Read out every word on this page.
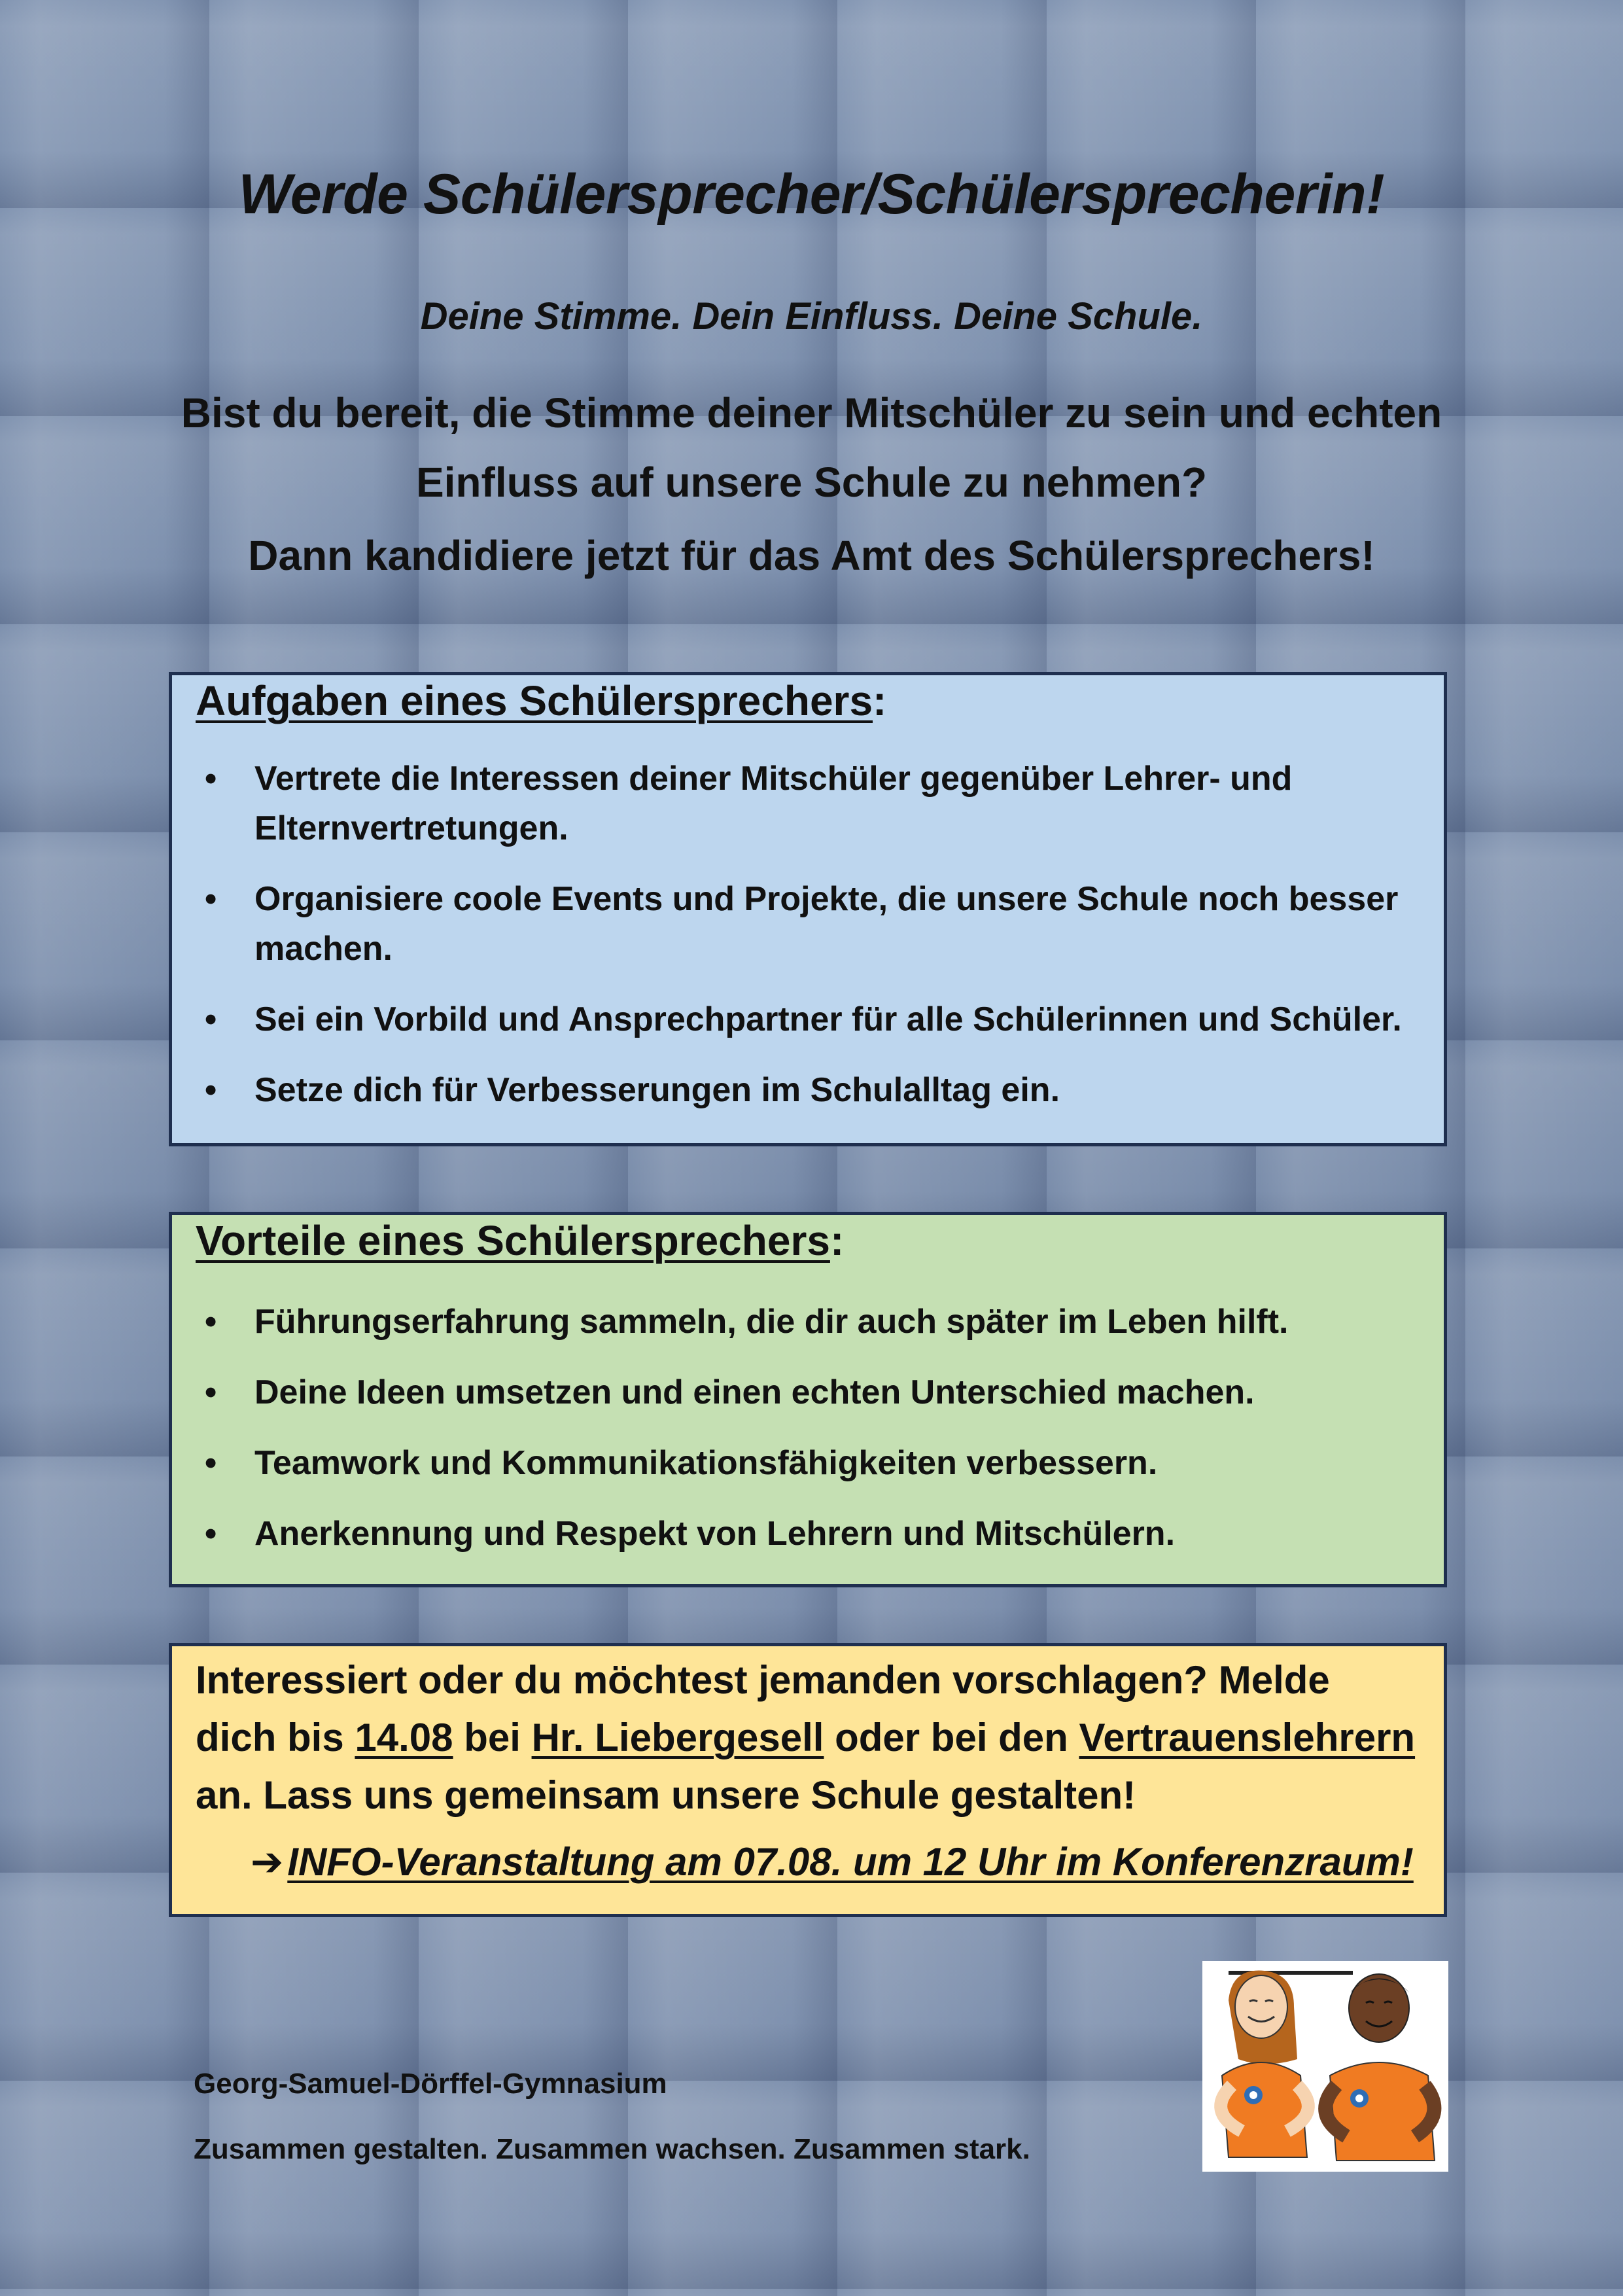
Werde Schülersprecher/Schülersprecherin!
Deine Stimme. Dein Einfluss. Deine Schule.
Bist du bereit, die Stimme deiner Mitschüler zu sein und echten Einfluss auf unsere Schule zu nehmen?
Dann kandidiere jetzt für das Amt des Schülersprechers!
Aufgaben eines Schülersprechers:
• Vertrete die Interessen deiner Mitschüler gegenüber Lehrer- und Elternvertretungen.
• Organisiere coole Events und Projekte, die unsere Schule noch besser machen.
• Sei ein Vorbild und Ansprechpartner für alle Schülerinnen und Schüler.
• Setze dich für Verbesserungen im Schulalltag ein.
Vorteile eines Schülersprechers:
• Führungserfahrung sammeln, die dir auch später im Leben hilft.
• Deine Ideen umsetzen und einen echten Unterschied machen.
• Teamwork und Kommunikationsfähigkeiten verbessern.
• Anerkennung und Respekt von Lehrern und Mitschülern.
Interessiert oder du möchtest jemanden vorschlagen? Melde dich bis 14.08 bei Hr. Liebergesell oder bei den Vertrauenslehrern an. Lass uns gemeinsam unsere Schule gestalten!
➔ INFO-Veranstaltung am 07.08. um 12 Uhr im Konferenzraum!
Georg-Samuel-Dörffel-Gymnasium
Zusammen gestalten. Zusammen wachsen. Zusammen stark.
